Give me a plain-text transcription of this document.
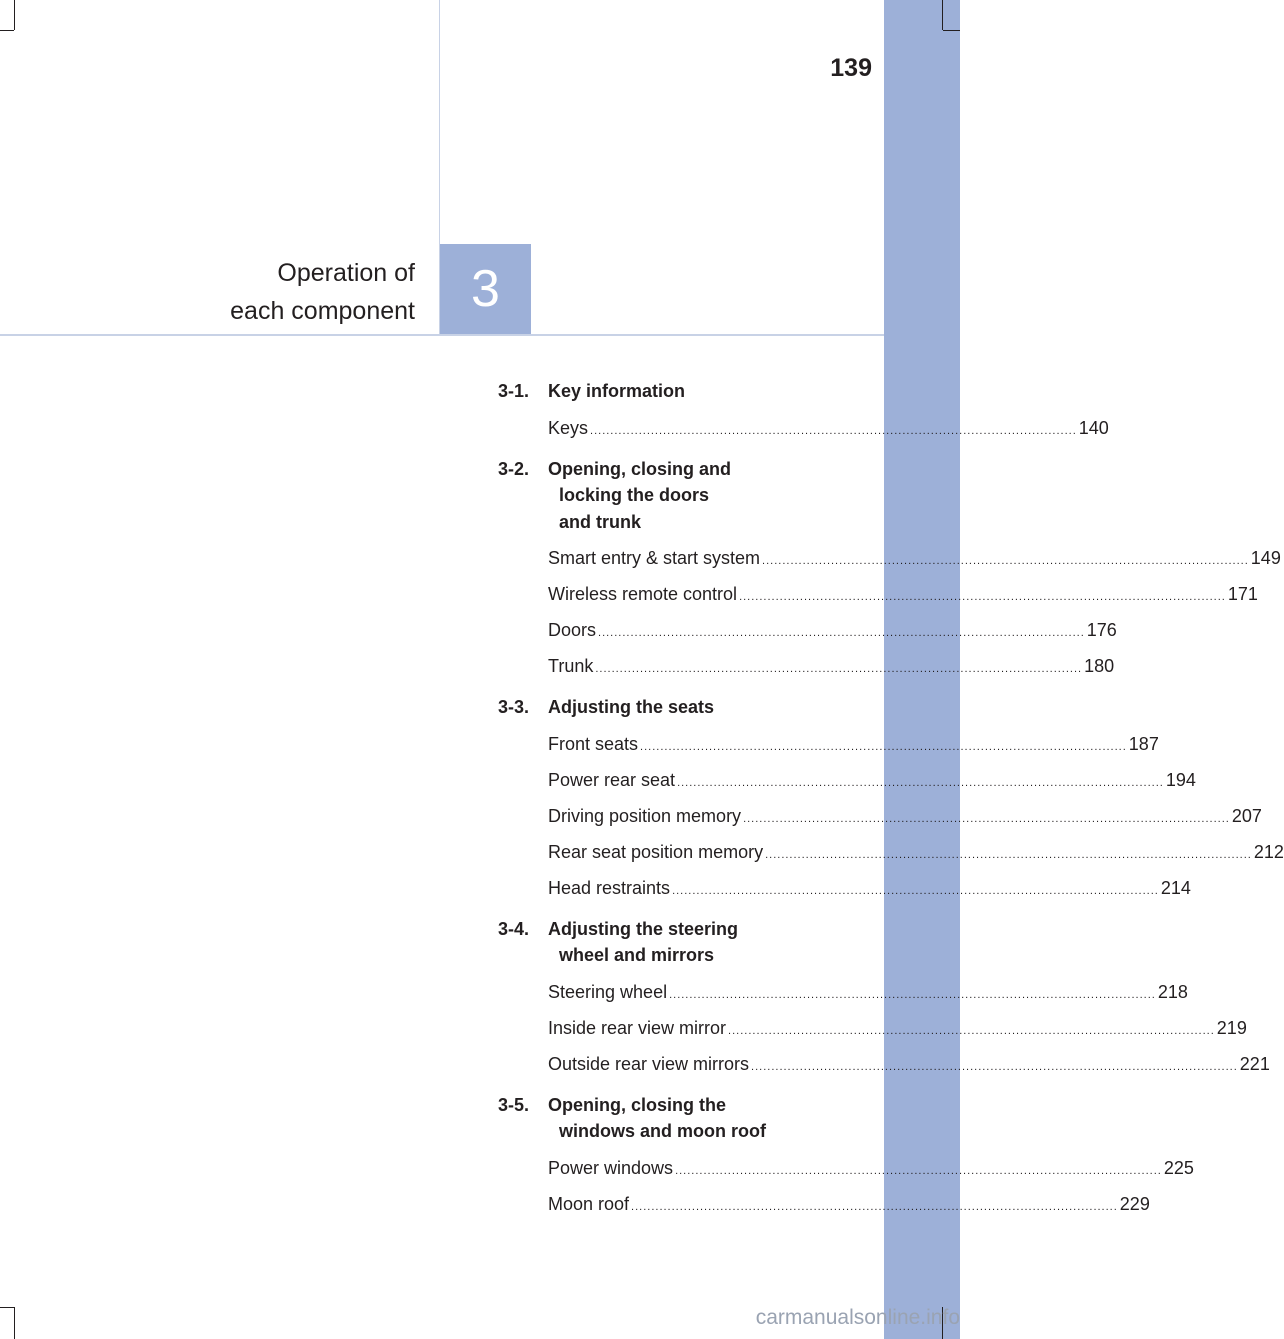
139
Operation of
each component	3
3-1. Key information
Keys ........................................................................................................................ 140
3-2. Opening, closing and
locking the doors
and trunk
Smart entry & start system ........................................................................................................................ 149
Wireless remote control ........................................................................................................................ 171
Doors ........................................................................................................................ 176
Trunk ........................................................................................................................ 180
3-3. Adjusting the seats
Front seats ........................................................................................................................ 187
Power rear seat ........................................................................................................................ 194
Driving position memory ........................................................................................................................ 207
Rear seat position memory ........................................................................................................................ 212
Head restraints ........................................................................................................................ 214
3-4. Adjusting the steering
wheel and mirrors
Steering wheel ........................................................................................................................ 218
Inside rear view mirror ........................................................................................................................ 219
Outside rear view mirrors ........................................................................................................................ 221
3-5. Opening, closing the
windows and moon roof
Power windows ........................................................................................................................ 225
Moon roof ........................................................................................................................ 229
carmanualsonline.info
